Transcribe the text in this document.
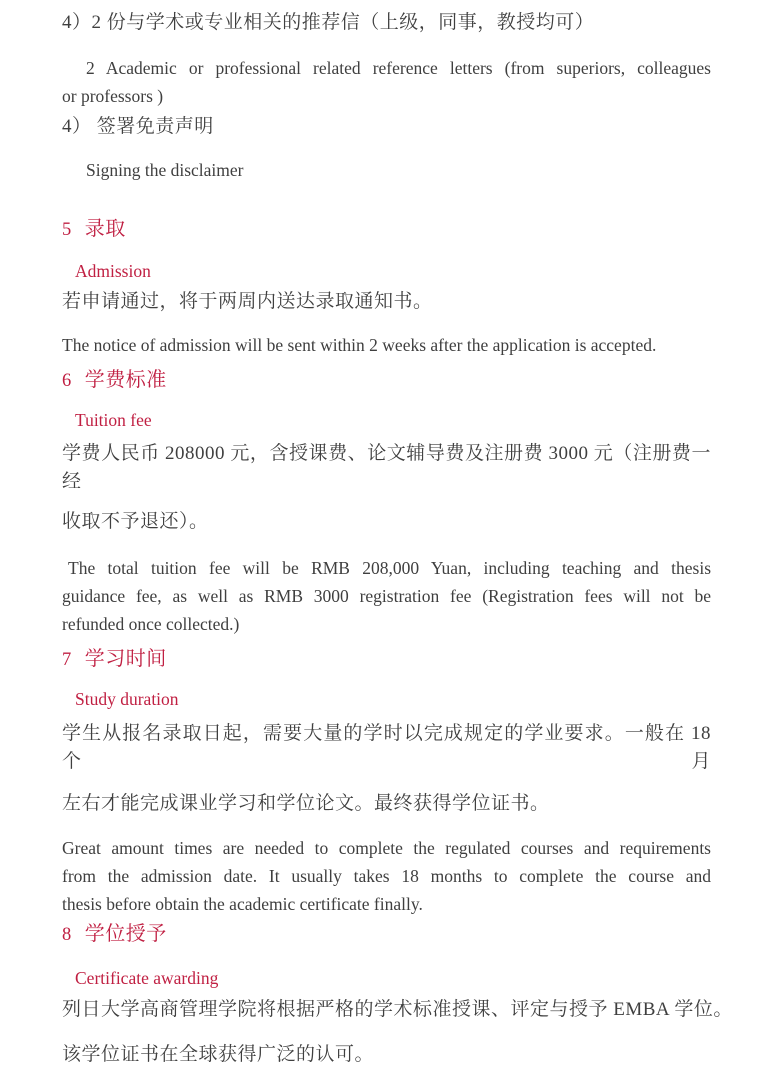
4）2 份与学术或专业相关的推荐信（上级，同事，教授均可）

2 Academic or professional related reference letters (from superiors, colleagues

or professors )

4） 签署免责声明

Signing the disclaimer

5 录取

Admission

若申请通过，将于两周内送达录取通知书。

The notice of admission will be sent within 2 weeks after the application is accepted.

6 学费标准

Tuition fee

学费人民币 208000 元，含授课费、论文辅导费及注册费 3000 元（注册费一经

收取不予退还）。

The total tuition fee will be RMB 208,000 Yuan, including teaching and thesis

guidance fee, as well as RMB 3000 registration fee (Registration fees will not be

refunded once collected.)

7 学习时间

Study duration

学生从报名录取日起，需要大量的学时以完成规定的学业要求。一般在 18 个月

左右才能完成课业学习和学位论文。最终获得学位证书。

Great amount times are needed to complete the regulated courses and requirements

from the admission date. It usually takes 18 months to complete the course and

thesis before obtain the academic certificate finally.

8 学位授予

Certificate awarding

列日大学高商管理学院将根据严格的学术标准授课、评定与授予 EMBA 学位。

该学位证书在全球获得广泛的认可。
